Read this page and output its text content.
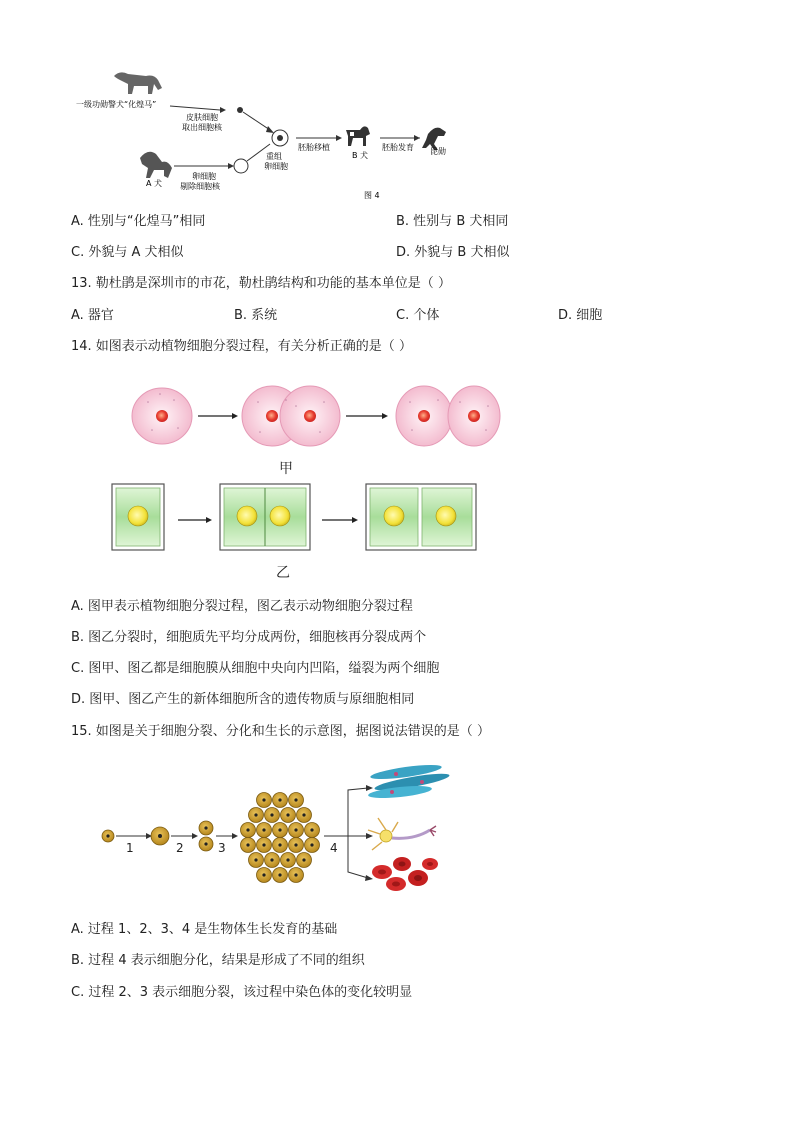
一级功勋警犬“化煌马”
皮肤细胞
取出细胞核
A 犬
卵细胞
剔除细胞核
重组
卵细胞
胚胎移植
B 犬
胚胎发育
图 4
昆勋
A. 性别与“化煌马”相同	B. 性别与 B 犬相同
C. 外貌与 A 犬相似	D. 外貌与 B 犬相似
13. 勒杜鹃是深圳市的市花，勒杜鹃结构和功能的基本单位是（ ）
A. 器官	B. 系统	C. 个体	D. 细胞
14. 如图表示动植物细胞分裂过程，有关分析正确的是（ ）
甲
乙
A. 图甲表示植物细胞分裂过程，图乙表示动物细胞分裂过程
B. 图乙分裂时，细胞质先平均分成两份，细胞核再分裂成两个
C. 图甲、图乙都是细胞膜从细胞中央向内凹陷，缢裂为两个细胞
D. 图甲、图乙产生的新体细胞所含的遗传物质与原细胞相同
15. 如图是关于细胞分裂、分化和生长的示意图，据图说法错误的是（ ）
1	2	3	4
A. 过程 1、2、3、4 是生物体生长发育的基础
B. 过程 4 表示细胞分化，结果是形成了不同的组织
C. 过程 2、3 表示细胞分裂，该过程中染色体的变化较明显
